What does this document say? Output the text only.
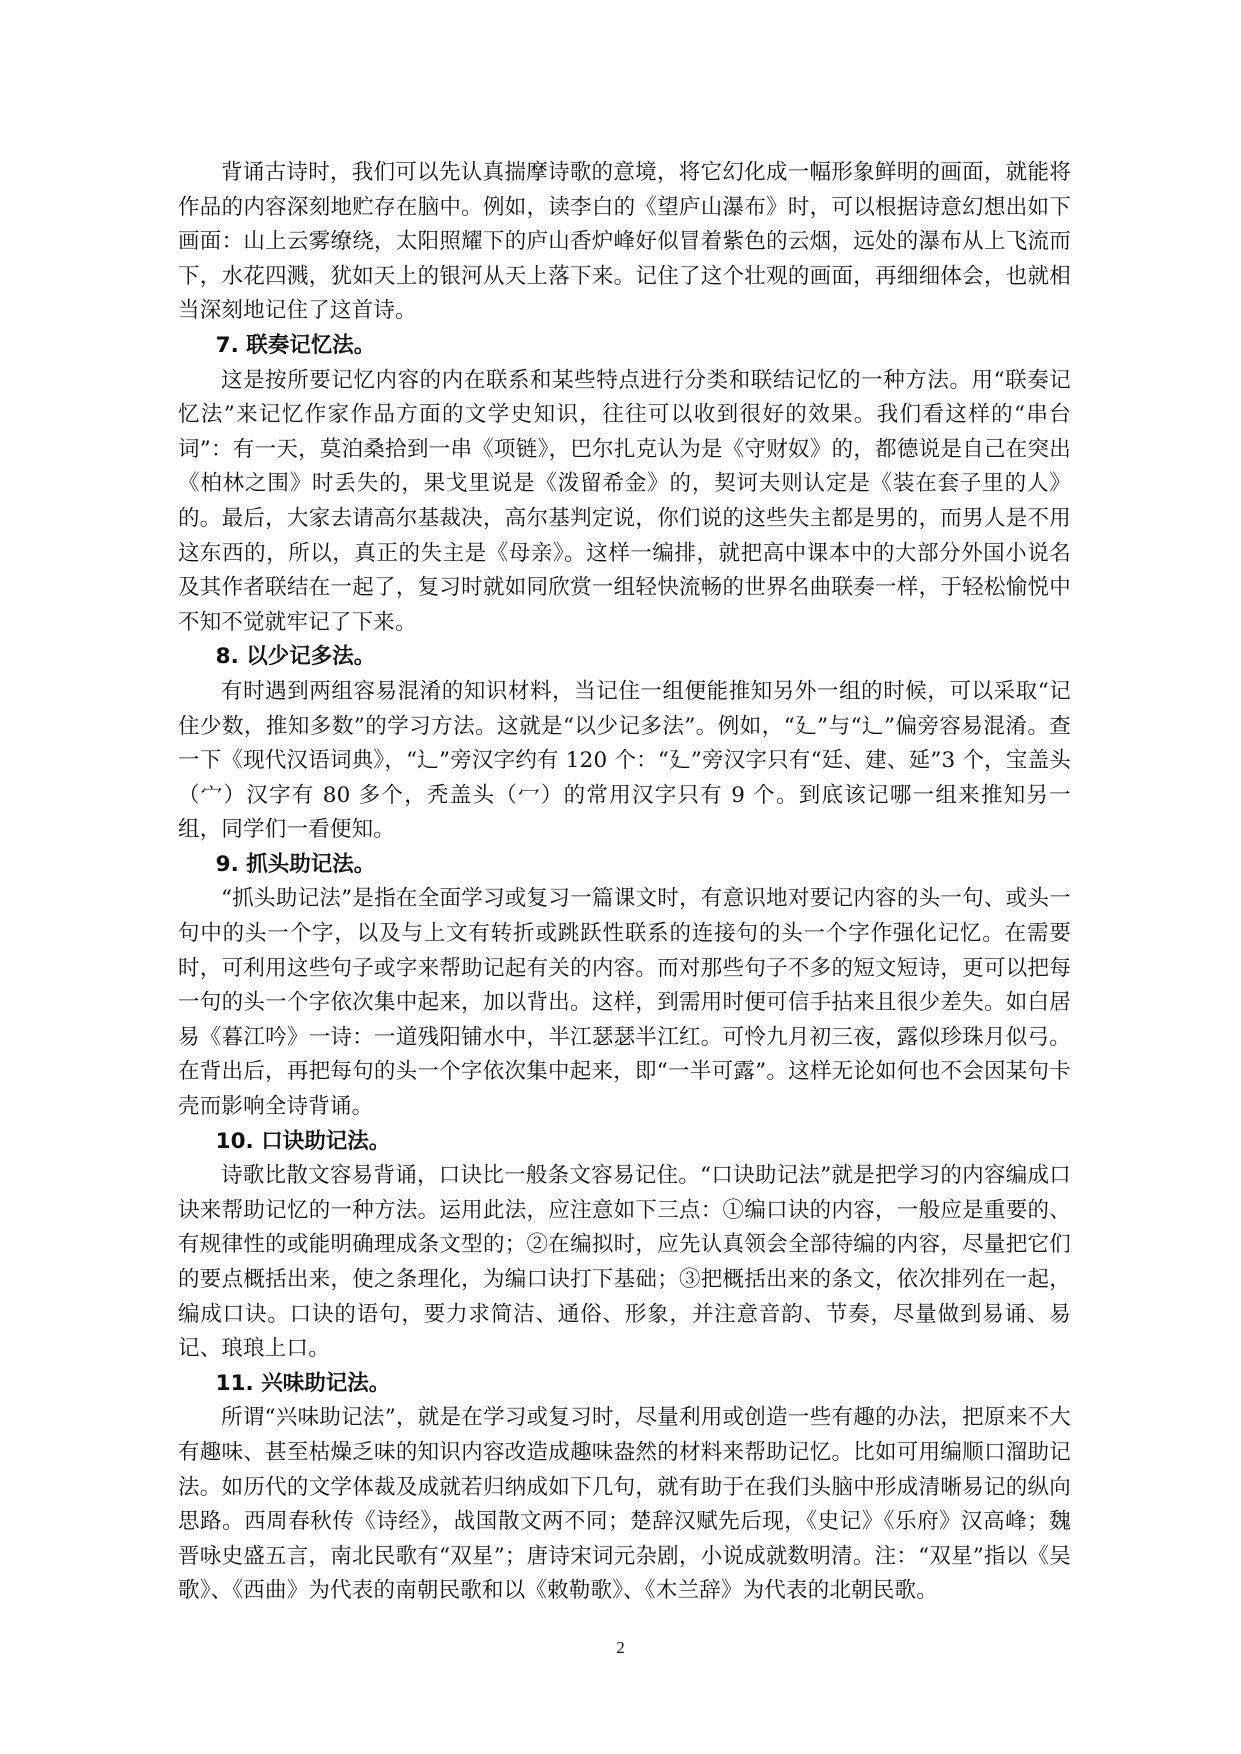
背诵古诗时，我们可以先认真揣摩诗歌的意境，将它幻化成一幅形象鲜明的画面，就能将作品的内容深刻地贮存在脑中。例如，读李白的《望庐山瀑布》时，可以根据诗意幻想出如下画面：山上云雾缭绕，太阳照耀下的庐山香炉峰好似冒着紫色的云烟，远处的瀑布从上飞流而下，水花四溅，犹如天上的银河从天上落下来。记住了这个壮观的画面，再细细体会，也就相当深刻地记住了这首诗。

7. 联奏记忆法。

这是按所要记忆内容的内在联系和某些特点进行分类和联结记忆的一种方法。用“联奏记忆法”来记忆作家作品方面的文学史知识，往往可以收到很好的效果。我们看这样的“串台词”：有一天，莫泊桑拾到一串《项链》，巴尔扎克认为是《守财奴》的，都德说是自己在突出《柏林之围》时丢失的，果戈里说是《泼留希金》的，契诃夫则认定是《装在套子里的人》的。最后，大家去请高尔基裁决，高尔基判定说，你们说的这些失主都是男的，而男人是不用这东西的，所以，真正的失主是《母亲》。这样一编排，就把高中课本中的大部分外国小说名及其作者联结在一起了，复习时就如同欣赏一组轻快流畅的世界名曲联奏一样，于轻松愉悦中不知不觉就牢记了下来。

8. 以少记多法。

有时遇到两组容易混淆的知识材料，当记住一组便能推知另外一组的时候，可以采取“记住少数，推知多数”的学习方法。这就是“以少记多法”。例如，“廴”与“辶”偏旁容易混淆。查一下《现代汉语词典》，“辶”旁汉字约有 120 个：“廴”旁汉字只有“廷、建、延”3 个，宝盖头（宀）汉字有 80 多个，秃盖头（冖）的常用汉字只有 9 个。到底该记哪一组来推知另一组，同学们一看便知。

9. 抓头助记法。

“抓头助记法”是指在全面学习或复习一篇课文时，有意识地对要记内容的头一句、或头一句中的头一个字，以及与上文有转折或跳跃性联系的连接句的头一个字作强化记忆。在需要时，可利用这些句子或字来帮助记起有关的内容。而对那些句子不多的短文短诗，更可以把每一句的头一个字依次集中起来，加以背出。这样，到需用时便可信手拈来且很少差失。如白居易《暮江吟》一诗：一道残阳铺水中，半江瑟瑟半江红。可怜九月初三夜，露似珍珠月似弓。在背出后，再把每句的头一个字依次集中起来，即“一半可露”。这样无论如何也不会因某句卡壳而影响全诗背诵。

10. 口诀助记法。

诗歌比散文容易背诵，口诀比一般条文容易记住。“口诀助记法”就是把学习的内容编成口诀来帮助记忆的一种方法。运用此法，应注意如下三点：①编口诀的内容，一般应是重要的、有规律性的或能明确理成条文型的；②在编拟时，应先认真领会全部待编的内容，尽量把它们的要点概括出来，使之条理化，为编口诀打下基础；③把概括出来的条文，依次排列在一起，编成口诀。口诀的语句，要力求简洁、通俗、形象，并注意音韵、节奏，尽量做到易诵、易记、琅琅上口。

11. 兴味助记法。

所谓“兴味助记法”，就是在学习或复习时，尽量利用或创造一些有趣的办法，把原来不大有趣味、甚至枯燥乏味的知识内容改造成趣味盎然的材料来帮助记忆。比如可用编顺口溜助记法。如历代的文学体裁及成就若归纳成如下几句，就有助于在我们头脑中形成清晰易记的纵向思路。西周春秋传《诗经》，战国散文两不同；楚辞汉赋先后现，《史记》《乐府》汉高峰；魏晋咏史盛五言，南北民歌有“双星”；唐诗宋词元杂剧，小说成就数明清。注：“双星”指以《吴歌》、《西曲》为代表的南朝民歌和以《敕勒歌》、《木兰辞》为代表的北朝民歌。

2
